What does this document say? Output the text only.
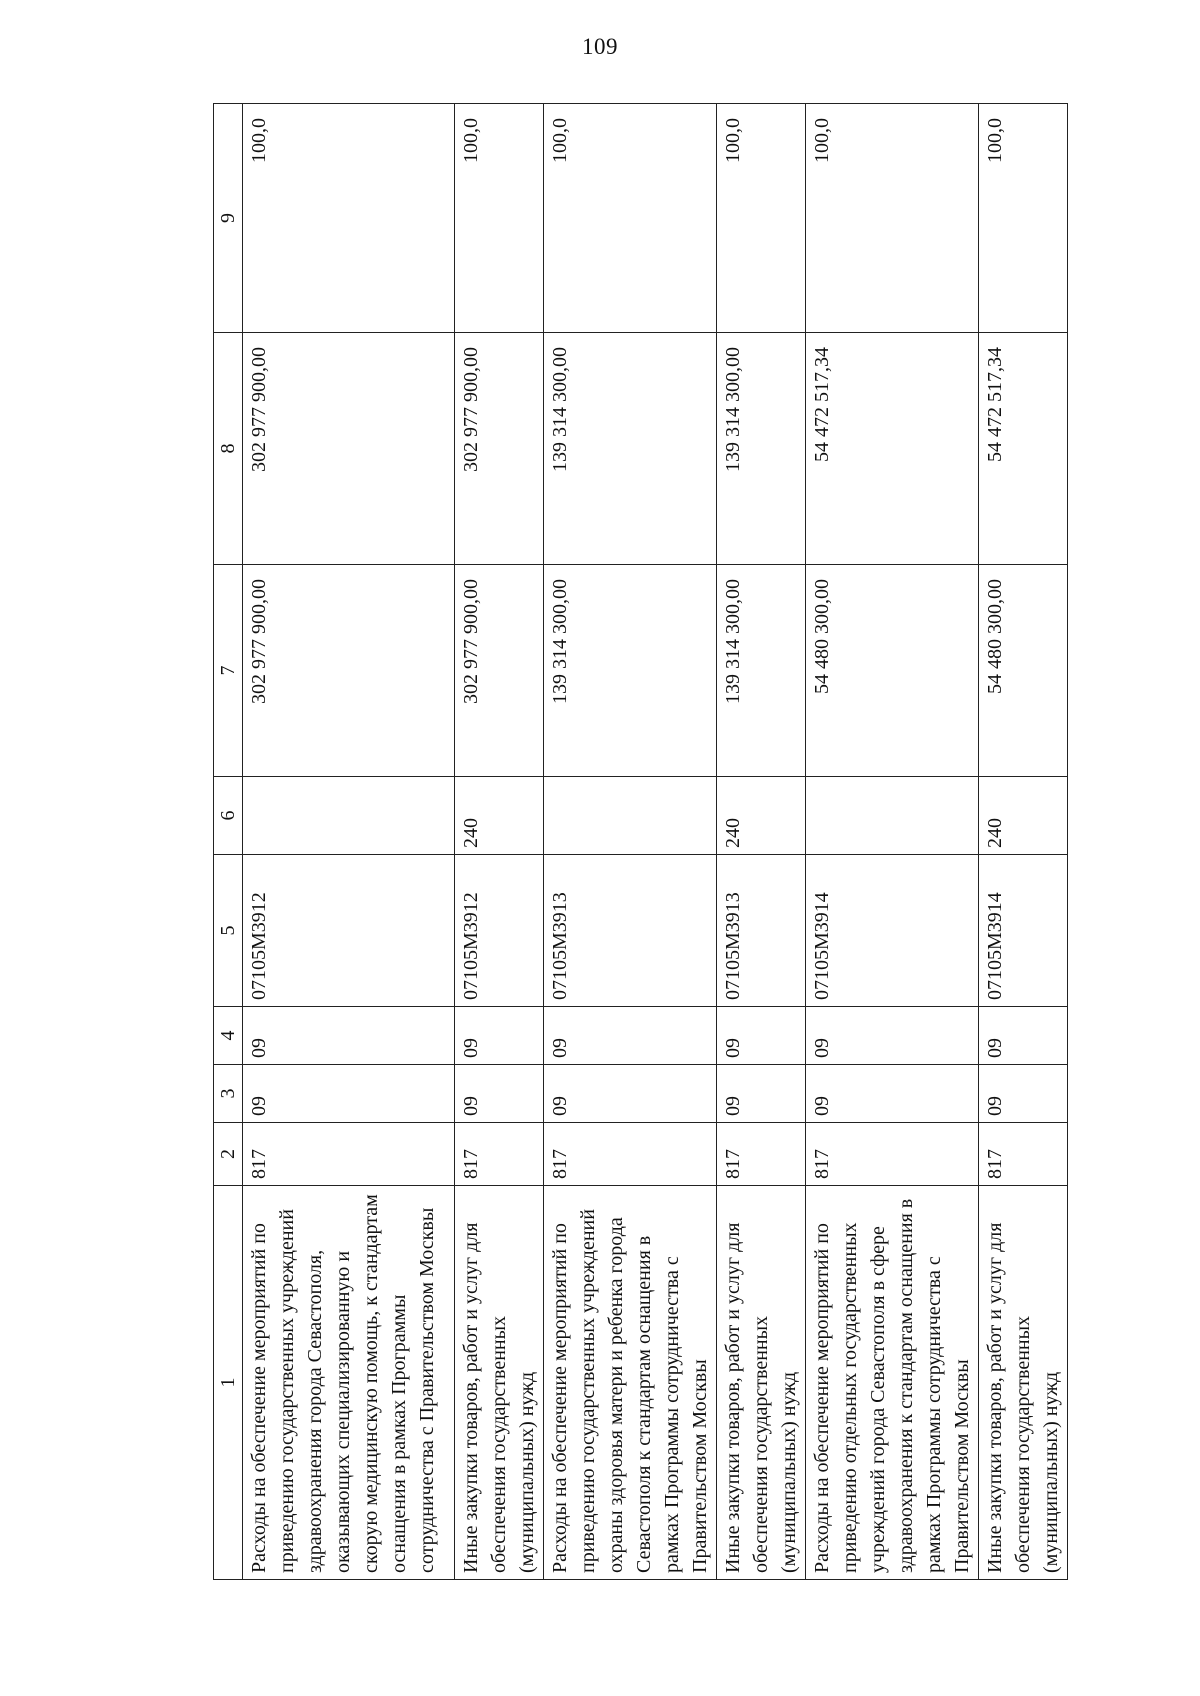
109
1	2	3	4	5	6	7	8	9
Расходы на обеспечение мероприятий по приведению государственных учреждений здравоохранения города Севастополя, оказывающих специализированную и скорую медицинскую помощь, к стандартам оснащения в рамках Программы сотрудничества с Правительством Москвы	817	09	09	07105М3912		302 977 900,00	302 977 900,00	100,0
Иные закупки товаров, работ и услуг для обеспечения государственных (муниципальных) нужд	817	09	09	07105М3912	240	302 977 900,00	302 977 900,00	100,0
Расходы на обеспечение мероприятий по приведению государственных учреждений охраны здоровья матери и ребенка города Севастополя к стандартам оснащения в рамках Программы сотрудничества с Правительством Москвы	817	09	09	07105М3913		139 314 300,00	139 314 300,00	100,0
Иные закупки товаров, работ и услуг для обеспечения государственных (муниципальных) нужд	817	09	09	07105М3913	240	139 314 300,00	139 314 300,00	100,0
Расходы на обеспечение мероприятий по приведению отдельных государственных учреждений города Севастополя в сфере здравоохранения к стандартам оснащения в рамках Программы сотрудничества с Правительством Москвы	817	09	09	07105М3914		54 480 300,00	54 472 517,34	100,0
Иные закупки товаров, работ и услуг для обеспечения государственных (муниципальных) нужд	817	09	09	07105М3914	240	54 480 300,00	54 472 517,34	100,0
